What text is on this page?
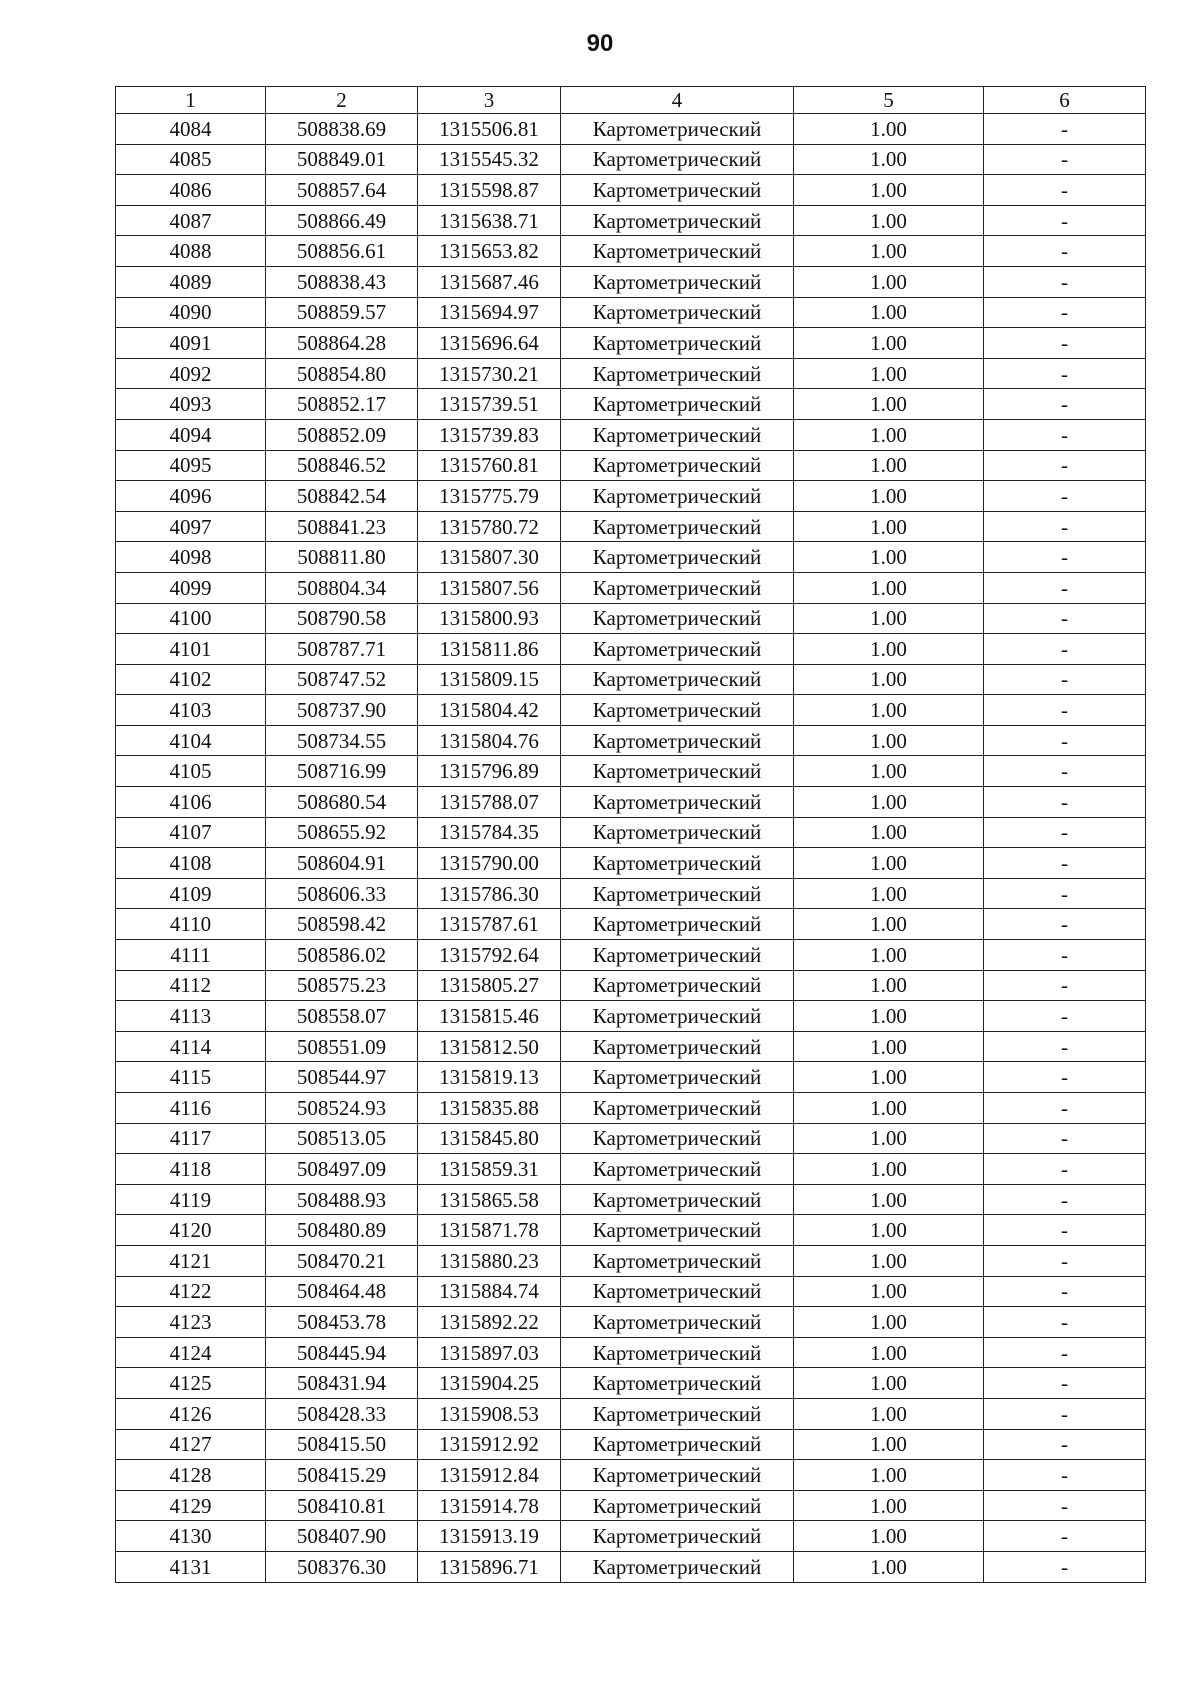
90
1	2	3	4	5	6
4084	508838.69	1315506.81	Картометрический	1.00	-
4085	508849.01	1315545.32	Картометрический	1.00	-
4086	508857.64	1315598.87	Картометрический	1.00	-
4087	508866.49	1315638.71	Картометрический	1.00	-
4088	508856.61	1315653.82	Картометрический	1.00	-
4089	508838.43	1315687.46	Картометрический	1.00	-
4090	508859.57	1315694.97	Картометрический	1.00	-
4091	508864.28	1315696.64	Картометрический	1.00	-
4092	508854.80	1315730.21	Картометрический	1.00	-
4093	508852.17	1315739.51	Картометрический	1.00	-
4094	508852.09	1315739.83	Картометрический	1.00	-
4095	508846.52	1315760.81	Картометрический	1.00	-
4096	508842.54	1315775.79	Картометрический	1.00	-
4097	508841.23	1315780.72	Картометрический	1.00	-
4098	508811.80	1315807.30	Картометрический	1.00	-
4099	508804.34	1315807.56	Картометрический	1.00	-
4100	508790.58	1315800.93	Картометрический	1.00	-
4101	508787.71	1315811.86	Картометрический	1.00	-
4102	508747.52	1315809.15	Картометрический	1.00	-
4103	508737.90	1315804.42	Картометрический	1.00	-
4104	508734.55	1315804.76	Картометрический	1.00	-
4105	508716.99	1315796.89	Картометрический	1.00	-
4106	508680.54	1315788.07	Картометрический	1.00	-
4107	508655.92	1315784.35	Картометрический	1.00	-
4108	508604.91	1315790.00	Картометрический	1.00	-
4109	508606.33	1315786.30	Картометрический	1.00	-
4110	508598.42	1315787.61	Картометрический	1.00	-
4111	508586.02	1315792.64	Картометрический	1.00	-
4112	508575.23	1315805.27	Картометрический	1.00	-
4113	508558.07	1315815.46	Картометрический	1.00	-
4114	508551.09	1315812.50	Картометрический	1.00	-
4115	508544.97	1315819.13	Картометрический	1.00	-
4116	508524.93	1315835.88	Картометрический	1.00	-
4117	508513.05	1315845.80	Картометрический	1.00	-
4118	508497.09	1315859.31	Картометрический	1.00	-
4119	508488.93	1315865.58	Картометрический	1.00	-
4120	508480.89	1315871.78	Картометрический	1.00	-
4121	508470.21	1315880.23	Картометрический	1.00	-
4122	508464.48	1315884.74	Картометрический	1.00	-
4123	508453.78	1315892.22	Картометрический	1.00	-
4124	508445.94	1315897.03	Картометрический	1.00	-
4125	508431.94	1315904.25	Картометрический	1.00	-
4126	508428.33	1315908.53	Картометрический	1.00	-
4127	508415.50	1315912.92	Картометрический	1.00	-
4128	508415.29	1315912.84	Картометрический	1.00	-
4129	508410.81	1315914.78	Картометрический	1.00	-
4130	508407.90	1315913.19	Картометрический	1.00	-
4131	508376.30	1315896.71	Картометрический	1.00	-
